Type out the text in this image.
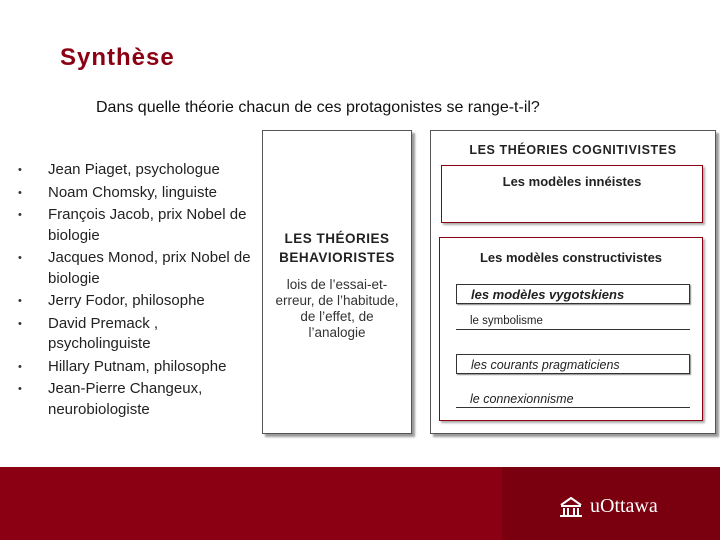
Synthèse
Dans quelle théorie chacun de ces protagonistes se range-t-il?
• Jean Piaget, psychologue
• Noam Chomsky, linguiste
• François Jacob, prix Nobel de biologie
• Jacques Monod, prix Nobel de biologie
• Jerry Fodor, philosophe
• David Premack , psycholinguiste
• Hillary Putnam, philosophe
• Jean-Pierre Changeux, neurobiologiste
LES THÉORIES
BEHAVIORISTES
lois de l’essai-et-
erreur, de l’habitude,
de l’effet, de
l’analogie
LES THÉORIES COGNITIVISTES
Les modèles innéistes
Les modèles constructivistes
les modèles vygotskiens
le symbolisme
les courants pragmaticiens
le connexionnisme
uOttawa
